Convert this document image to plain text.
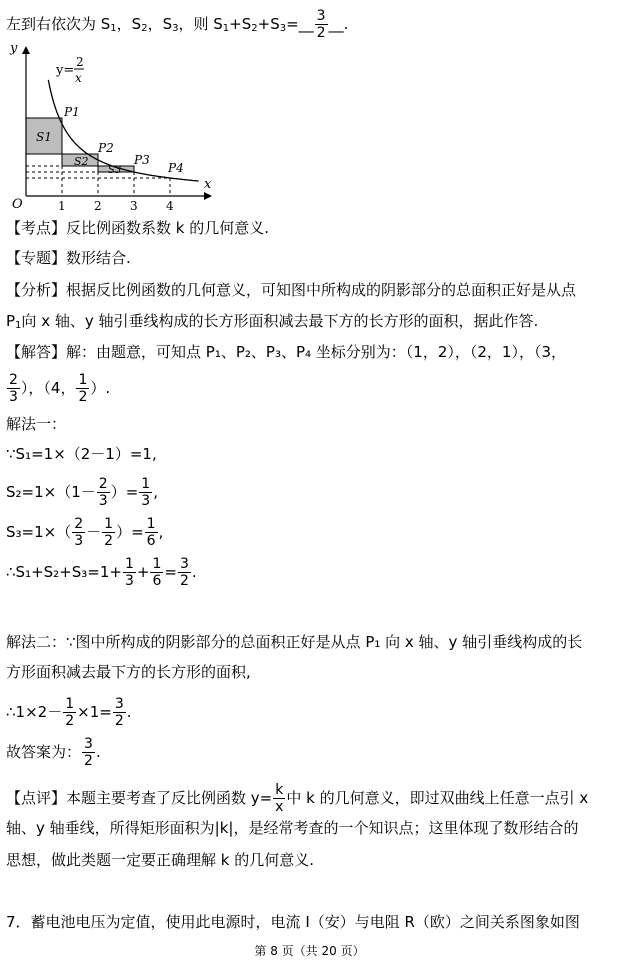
左到右依次为 $S_1$，$S_2$，$S_3$，则 $S_1+S_2+S_3=\_\_ \frac{3}{2}$ __.
y
x
O
y=
2
x
1 2 3 4
P1
P2
P3
P4
S1
S2
S3
【考点】反比例函数系数 k 的几何意义.
【专题】数形结合.
【分析】根据反比例函数的几何意义，可知图中所构成的阴影部分的总面积正好是从点
$P_1$向 x 轴、y 轴引垂线构成的长方形面积减去最下方的长方形的面积，据此作答.
【解答】解：由题意，可知点 P₁、P₂、P₃、P₄ 坐标分别为：（1，2），（2，1），（3，
$\frac{2}{3}$ ），（4， $\frac{1}{2}$ ）.
解法一：
∵S₁=1×（2－1）=1,
$S_2=1\times(1- \frac{2}{3}$ ）= $\frac{1}{3}$ ,
$S_3=1\times( \frac{2}{3} - \frac{1}{2}$ ）= $\frac{1}{6}$ ,
∴S₁+S₂+S₃=1+ $\frac{1}{3} + \frac{1}{6} = \frac{3}{2}$ .
解法二：∵图中所构成的阴影部分的总面积正好是从点 P₁ 向 x 轴、y 轴引垂线构成的长
方形面积减去最下方的长方形的面积,
∴1×2－ $\frac{1}{2} \times 1= \frac{3}{2}$ .
故答案为： $\frac{3}{2}$ .
【点评】本题主要考查了反比例函数 $y= \frac{k}{x}$ 中 k 的几何意义，即过双曲线上任意一点引 x
轴、y 轴垂线，所得矩形面积为|k|，是经常考查的一个知识点；这里体现了数形结合的
思想，做此类题一定要正确理解 k 的几何意义.
7．蓄电池电压为定值，使用此电源时，电流 I（安）与电阻 R（欧）之间关系图象如图
第 8 页（共 20 页）
